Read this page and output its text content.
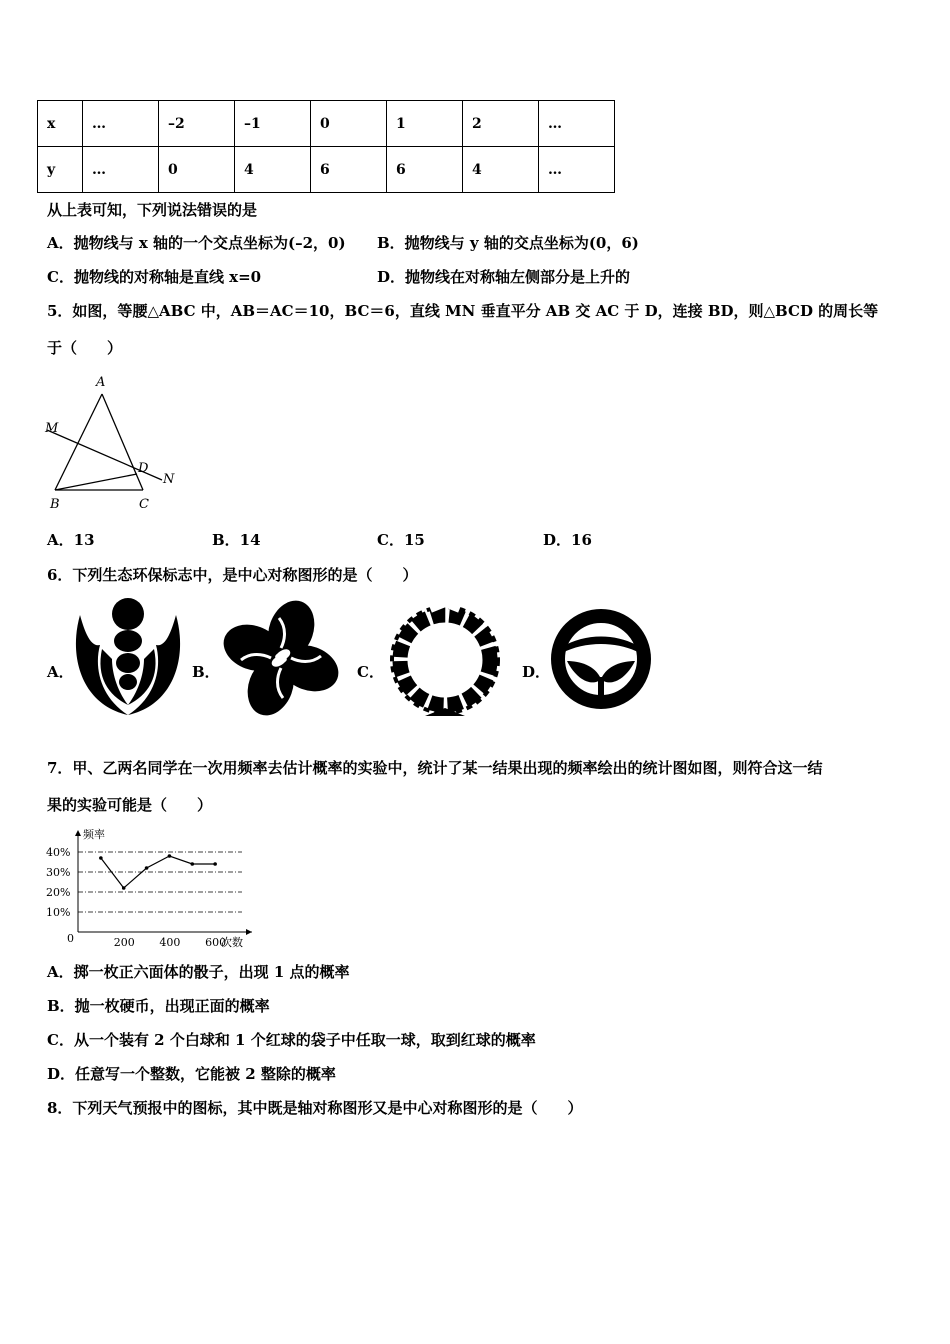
x	…	–2	–1	0	1	2	…
y	…	0	4	6	6	4	…
从上表可知，下列说法错误的是
A．抛物线与 x 轴的一个交点坐标为(–2，0) B．抛物线与 y 轴的交点坐标为(0，6)
C．抛物线的对称轴是直线 x=0	D．抛物线在对称轴左侧部分是上升的
5．如图，等腰△ABC 中，AB＝AC＝10，BC＝6，直线 MN 垂直平分 AB 交 AC 于 D，连接 BD，则△BCD 的周长等
于（　　）
A
M
D
N
B	C
A．13	B．14	C．15	D．16
6．下列生态环保标志中，是中心对称图形的是（　　）
A．	B．	C．	D．
7．甲、乙两名同学在一次用频率去估计概率的实验中，统计了某一结果出现的频率绘出的统计图如图，则符合这一结
果的实验可能是（　　）
频率
次数
0
10%
20%
30%
40%
200 400 600
A．掷一枚正六面体的骰子，出现 1 点的概率
B．抛一枚硬币，出现正面的概率
C．从一个装有 2 个白球和 1 个红球的袋子中任取一球，取到红球的概率
D．任意写一个整数，它能被 2 整除的概率
8．下列天气预报中的图标，其中既是轴对称图形又是中心对称图形的是（　　）
